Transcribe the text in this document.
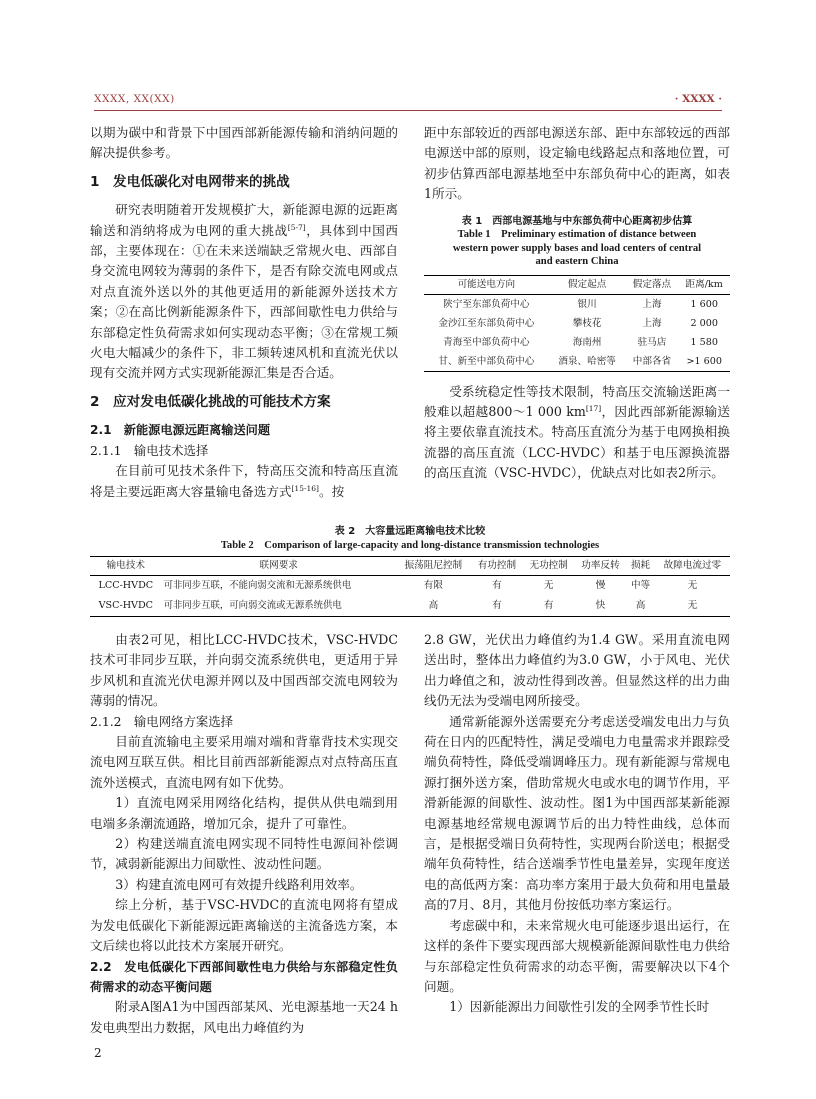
XXXX, XX(XX)	· XXXX ·

以期为碳中和背景下中国西部新能源传输和消纳问题的解决提供参考。

1　发电低碳化对电网带来的挑战

研究表明随着开发规模扩大，新能源电源的远距离输送和消纳将成为电网的重大挑战[5-7]，具体到中国西部，主要体现在：①在未来送端缺乏常规火电、西部自身交流电网较为薄弱的条件下，是否有除交流电网或点对点直流外送以外的其他更适用的新能源外送技术方案；②在高比例新能源条件下，西部间歇性电力供给与东部稳定性负荷需求如何实现动态平衡；③在常规工频火电大幅减少的条件下，非工频转速风机和直流光伏以现有交流并网方式实现新能源汇集是否合适。

2　应对发电低碳化挑战的可能技术方案
2.1　新能源电源远距离输送问题
2.1.1　输电技术选择

在目前可见技术条件下，特高压交流和特高压直流将是主要远距离大容量输电备选方式[15-16]。按

距中东部较近的西部电源送东部、距中东部较远的西部电源送中部的原则，设定输电线路起点和落地位置，可初步估算西部电源基地至中东部负荷中心的距离，如表1所示。

表 1　西部电源基地与中东部负荷中心距离初步估算
Table 1　Preliminary estimation of distance between
western power supply bases and load centers of central
and eastern China
可能送电方向	假定起点	假定落点	距离/km
陕宁至东部负荷中心	银川	上海	1 600
金沙江至东部负荷中心	攀枝花	上海	2 000
青海至中部负荷中心	海南州	驻马店	1 580
甘、新至中部负荷中心	酒泉、哈密等	中部各省	>1 600

受系统稳定性等技术限制，特高压交流输送距离一般难以超越800～1 000 km[17]，因此西部新能源输送将主要依靠直流技术。特高压直流分为基于电网换相换流器的高压直流（LCC-HVDC）和基于电压源换流器的高压直流（VSC-HVDC），优缺点对比如表2所示。

表 2　大容量远距离输电技术比较
Table 2　Comparison of large-capacity and long-distance transmission technologies
输电技术	联网要求	振荡阻尼控制	有功控制	无功控制	功率反转	损耗	故障电流过零
LCC-HVDC	可非同步互联，不能向弱交流和无源系统供电	有限	有	无	慢	中等	无
VSC-HVDC	可非同步互联，可向弱交流或无源系统供电	高	有	有	快	高	无

由表2可见，相比LCC-HVDC技术，VSC-HVDC技术可非同步互联，并向弱交流系统供电，更适用于异步风机和直流光伏电源并网以及中国西部交流电网较为薄弱的情况。

2.1.2　输电网络方案选择

目前直流输电主要采用端对端和背靠背技术实现交流电网互联互供。相比目前西部新能源点对点特高压直流外送模式，直流电网有如下优势。

1）直流电网采用网络化结构，提供从供电端到用电端多条潮流通路，增加冗余，提升了可靠性。

2）构建送端直流电网实现不同特性电源间补偿调节，减弱新能源出力间歇性、波动性问题。

3）构建直流电网可有效提升线路利用效率。

综上分析，基于VSC-HVDC的直流电网将有望成为发电低碳化下新能源远距离输送的主流备选方案，本文后续也将以此技术方案展开研究。

2.2　发电低碳化下西部间歇性电力供给与东部稳定性负荷需求的动态平衡问题

附录A图A1为中国西部某风、光电源基地一天24 h发电典型出力数据，风电出力峰值约为

2.8 GW，光伏出力峰值约为1.4 GW。采用直流电网送出时，整体出力峰值约为3.0 GW，小于风电、光伏出力峰值之和，波动性得到改善。但显然这样的出力曲线仍无法为受端电网所接受。

通常新能源外送需要充分考虑送受端发电出力与负荷在日内的匹配特性，满足受端电力电量需求并跟踪受端负荷特性，降低受端调峰压力。现有新能源与常规电源打捆外送方案，借助常规火电或水电的调节作用，平滑新能源的间歇性、波动性。图1为中国西部某新能源电源基地经常规电源调节后的出力特性曲线，总体而言，是根据受端日负荷特性，实现两台阶送电；根据受端年负荷特性，结合送端季节性电量差异，实现年度送电的高低两方案：高功率方案用于最大负荷和用电量最高的7月、8月，其他月份按低功率方案运行。

考虑碳中和，未来常规火电可能逐步退出运行，在这样的条件下要实现西部大规模新能源间歇性电力供给与东部稳定性负荷需求的动态平衡，需要解决以下4个问题。

1）因新能源出力间歇性引发的全网季节性长时

2
